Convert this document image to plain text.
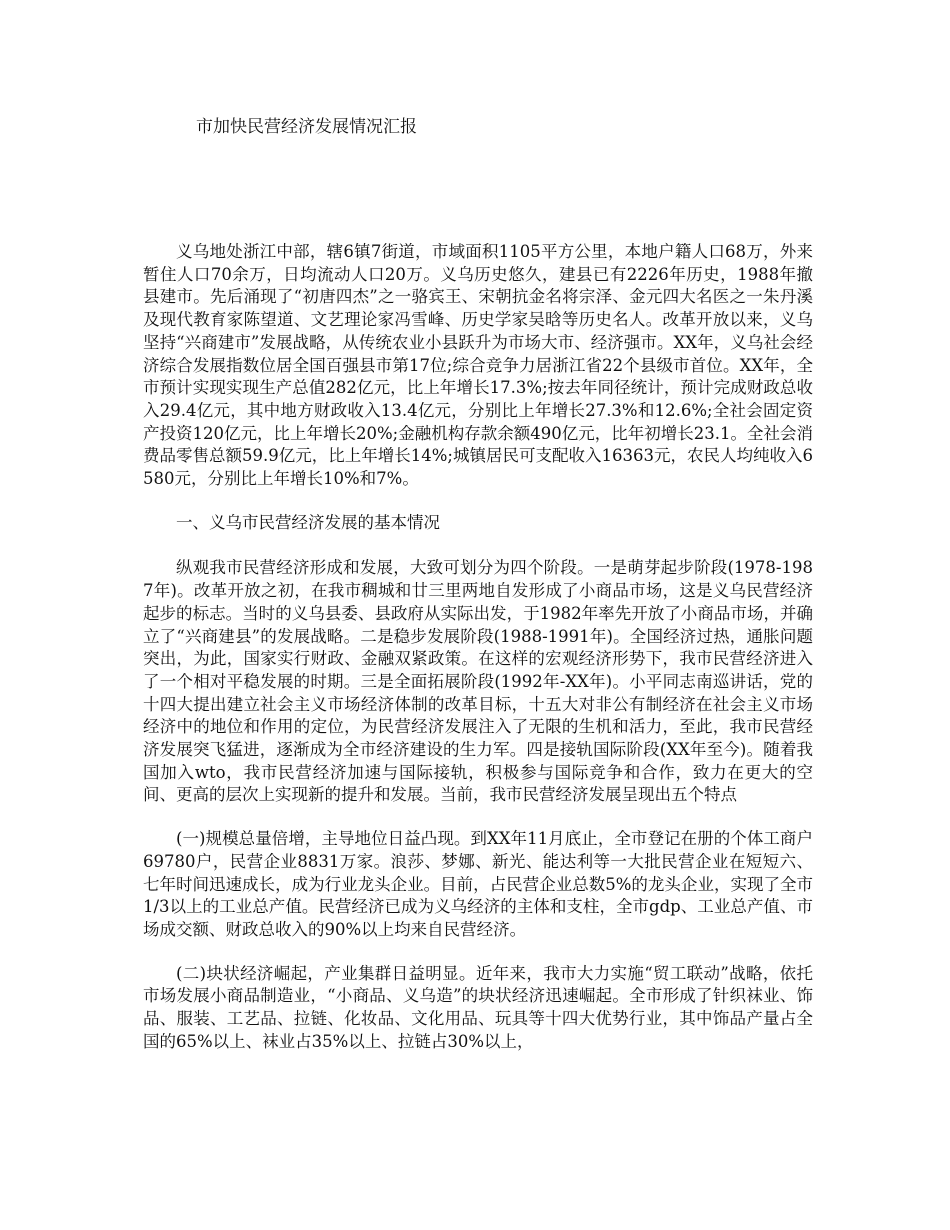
市加快民营经济发展情况汇报

义乌地处浙江中部，辖6镇7街道，市域面积1105平方公里，本地户籍人口68万，外来暂住人口70余万，日均流动人口20万。义乌历史悠久，建县已有2226年历史，1988年撤县建市。先后涌现了“初唐四杰”之一骆宾王、宋朝抗金名将宗泽、金元四大名医之一朱丹溪及现代教育家陈望道、文艺理论家冯雪峰、历史学家吴晗等历史名人。改革开放以来，义乌坚持“兴商建市”发展战略，从传统农业小县跃升为市场大市、经济强市。XX年，义乌社会经济综合发展指数位居全国百强县市第17位;综合竞争力居浙江省22个县级市首位。XX年，全市预计实现实现生产总值282亿元，比上年增长17.3%;按去年同径统计，预计完成财政总收入29.4亿元，其中地方财政收入13.4亿元，分别比上年增长27.3%和12.6%;全社会固定资产投资120亿元，比上年增长20%;金融机构存款余额490亿元，比年初增长23.1。全社会消费品零售总额59.9亿元，比上年增长14%;城镇居民可支配收入16363元，农民人均纯收入6580元，分别比上年增长10%和7%。

一、义乌市民营经济发展的基本情况

纵观我市民营经济形成和发展，大致可划分为四个阶段。一是萌芽起步阶段(1978-1987年)。改革开放之初，在我市稠城和廿三里两地自发形成了小商品市场，这是义乌民营经济起步的标志。当时的义乌县委、县政府从实际出发，于1982年率先开放了小商品市场，并确立了“兴商建县”的发展战略。二是稳步发展阶段(1988-1991年)。全国经济过热，通胀问题突出，为此，国家实行财政、金融双紧政策。在这样的宏观经济形势下，我市民营经济进入了一个相对平稳发展的时期。三是全面拓展阶段(1992年-XX年)。小平同志南巡讲话，党的十四大提出建立社会主义市场经济体制的改革目标，十五大对非公有制经济在社会主义市场经济中的地位和作用的定位，为民营经济发展注入了无限的生机和活力，至此，我市民营经济发展突飞猛进，逐渐成为全市经济建设的生力军。四是接轨国际阶段(XX年至今)。随着我国加入wto，我市民营经济加速与国际接轨，积极参与国际竞争和合作，致力在更大的空间、更高的层次上实现新的提升和发展。当前，我市民营经济发展呈现出五个特点

(一)规模总量倍增，主导地位日益凸现。到XX年11月底止，全市登记在册的个体工商户69780户，民营企业8831万家。浪莎、梦娜、新光、能达利等一大批民营企业在短短六、七年时间迅速成长，成为行业龙头企业。目前，占民营企业总数5%的龙头企业，实现了全市1/3以上的工业总产值。民营经济已成为义乌经济的主体和支柱，全市gdp、工业总产值、市场成交额、财政总收入的90%以上均来自民营经济。

(二)块状经济崛起，产业集群日益明显。近年来，我市大力实施“贸工联动”战略，依托市场发展小商品制造业，“小商品、义乌造”的块状经济迅速崛起。全市形成了针织袜业、饰品、服装、工艺品、拉链、化妆品、文化用品、玩具等十四大优势行业，其中饰品产量占全国的65%以上、袜业占35%以上、拉链占30%以上，
